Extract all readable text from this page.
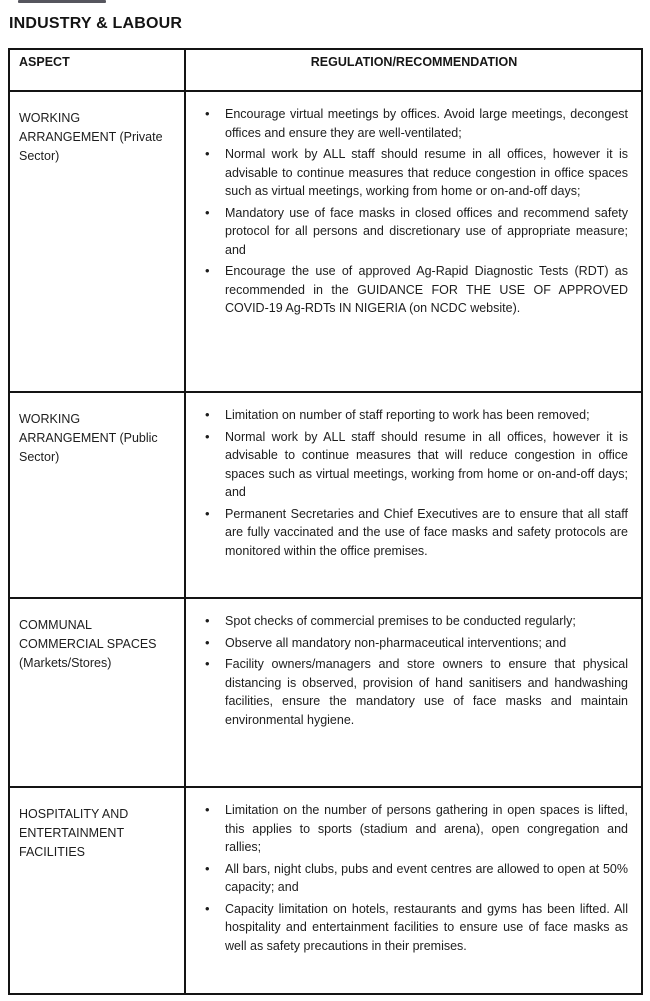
INDUSTRY & LABOUR
ASPECT	REGULATION/RECOMMENDATION
WORKING ARRANGEMENT (Private Sector)	
• Encourage virtual meetings by offices. Avoid large meetings, decongest offices and ensure they are well-ventilated;
• Normal work by ALL staff should resume in all offices, however it is advisable to continue measures that reduce congestion in office spaces such as virtual meetings, working from home or on-and-off days;
• Mandatory use of face masks in closed offices and recommend safety protocol for all persons and discretionary use of appropriate measure; and
• Encourage the use of approved Ag-Rapid Diagnostic Tests (RDT) as recommended in the GUIDANCE FOR THE USE OF APPROVED COVID-19 Ag-RDTs IN NIGERIA (on NCDC website).

WORKING ARRANGEMENT (Public Sector)	
• Limitation on number of staff reporting to work has been removed;
• Normal work by ALL staff should resume in all offices, however it is advisable to continue measures that will reduce congestion in office spaces such as virtual meetings, working from home or on-and-off days; and
• Permanent Secretaries and Chief Executives are to ensure that all staff are fully vaccinated and the use of face masks and safety protocols are monitored within the office premises.

COMMUNAL COMMERCIAL SPACES (Markets/Stores)	
• Spot checks of commercial premises to be conducted regularly;
• Observe all mandatory non-pharmaceutical interventions; and
• Facility owners/managers and store owners to ensure that physical distancing is observed, provision of hand sanitisers and handwashing facilities, ensure the mandatory use of face masks and maintain environmental hygiene.

HOSPITALITY AND ENTERTAINMENT FACILITIES	
• Limitation on the number of persons gathering in open spaces is lifted, this applies to sports (stadium and arena), open congregation and rallies;
• All bars, night clubs, pubs and event centres are allowed to open at 50% capacity; and
• Capacity limitation on hotels, restaurants and gyms has been lifted. All hospitality and entertainment facilities to ensure use of face masks as well as safety precautions in their premises.
